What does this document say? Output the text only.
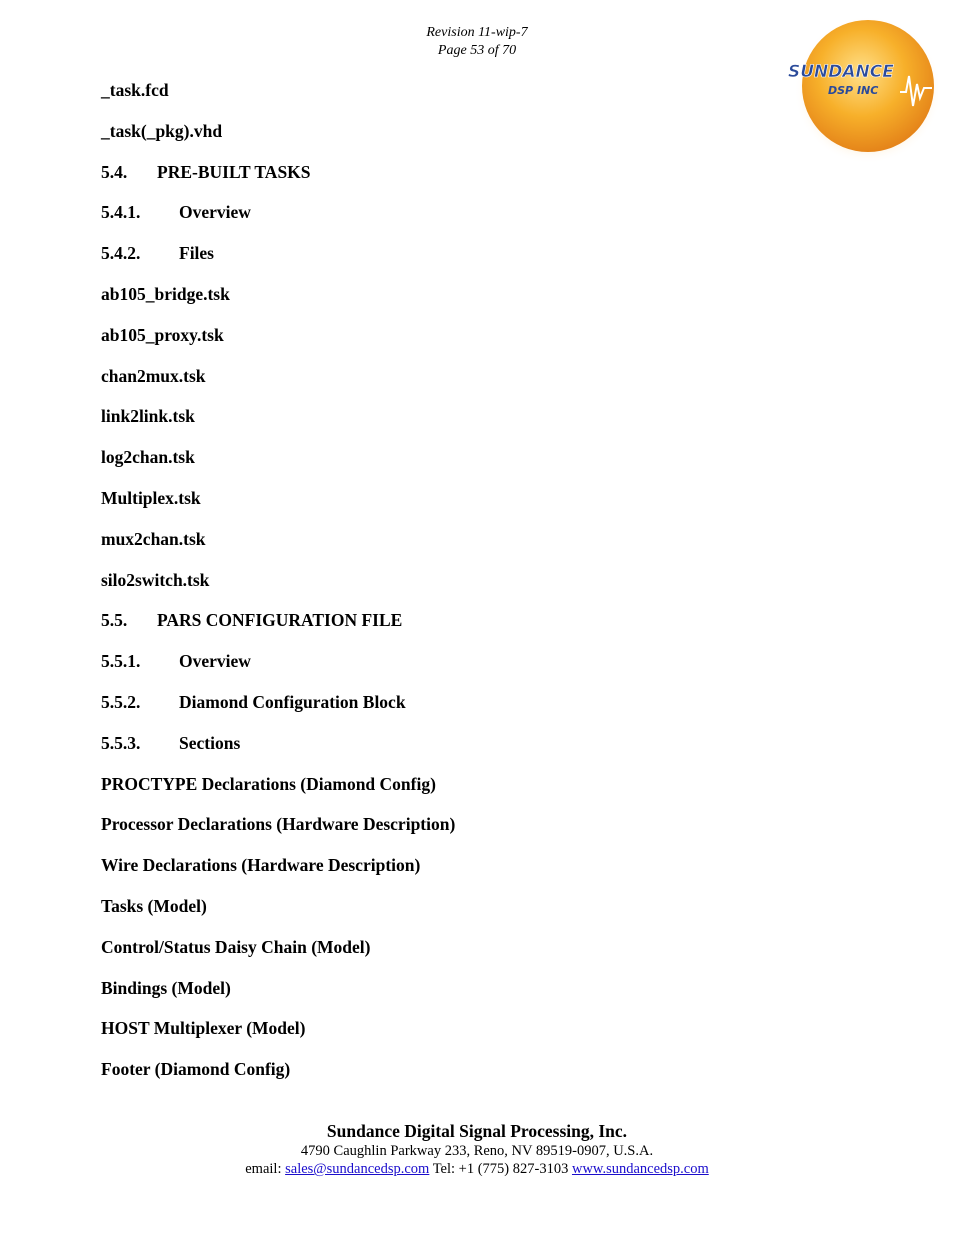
Revision 11-wip-7
Page 53 of 70
SUNDANCE
DSP INC
_task.fcd
_task(_pkg).vhd
5.4. PRE-BUILT TASKS
5.4.1. Overview
5.4.2. Files
ab105_bridge.tsk
ab105_proxy.tsk
chan2mux.tsk
link2link.tsk
log2chan.tsk
Multiplex.tsk
mux2chan.tsk
silo2switch.tsk
5.5. PARS CONFIGURATION FILE
5.5.1. Overview
5.5.2. Diamond Configuration Block
5.5.3. Sections
PROCTYPE Declarations (Diamond Config)
Processor Declarations (Hardware Description)
Wire Declarations (Hardware Description)
Tasks (Model)
Control/Status Daisy Chain (Model)
Bindings (Model)
HOST Multiplexer (Model)
Footer (Diamond Config)
Sundance Digital Signal Processing, Inc.
4790 Caughlin Parkway 233, Reno, NV 89519-0907, U.S.A.
email: sales@sundancedsp.com Tel: +1 (775) 827-3103 www.sundancedsp.com
